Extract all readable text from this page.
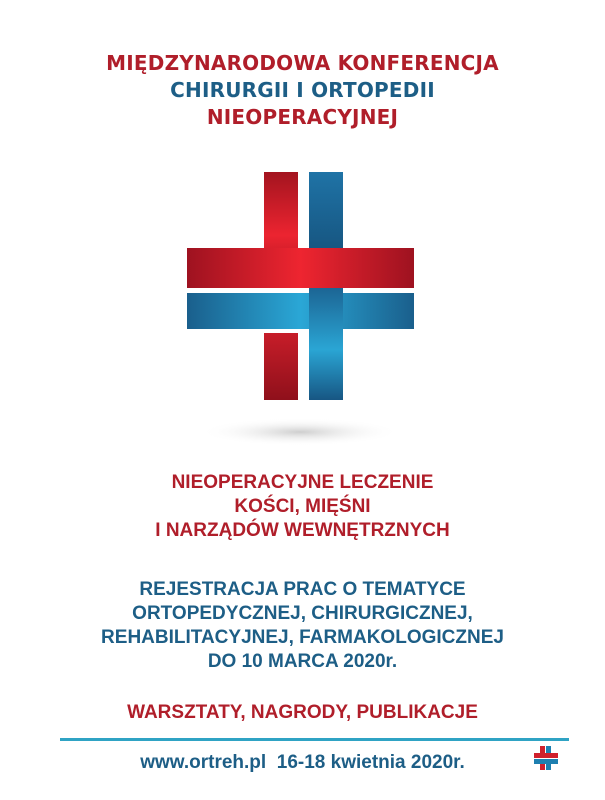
MIĘDZYNARODOWA KONFERENCJA
CHIRURGII I ORTOPEDII
NIEOPERACYJNEJ
NIEOPERACYJNE LECZENIE
KOŚCI, MIĘŚNI
I NARZĄDÓW WEWNĘTRZNYCH
REJESTRACJA PRAC O TEMATYCE
ORTOPEDYCZNEJ, CHIRURGICZNEJ,
REHABILITACYJNEJ, FARMAKOLOGICZNEJ
DO 10 MARCA 2020r.
WARSZTATY, NAGRODY, PUBLIKACJE
www.ortreh.pl 16-18 kwietnia 2020r.
